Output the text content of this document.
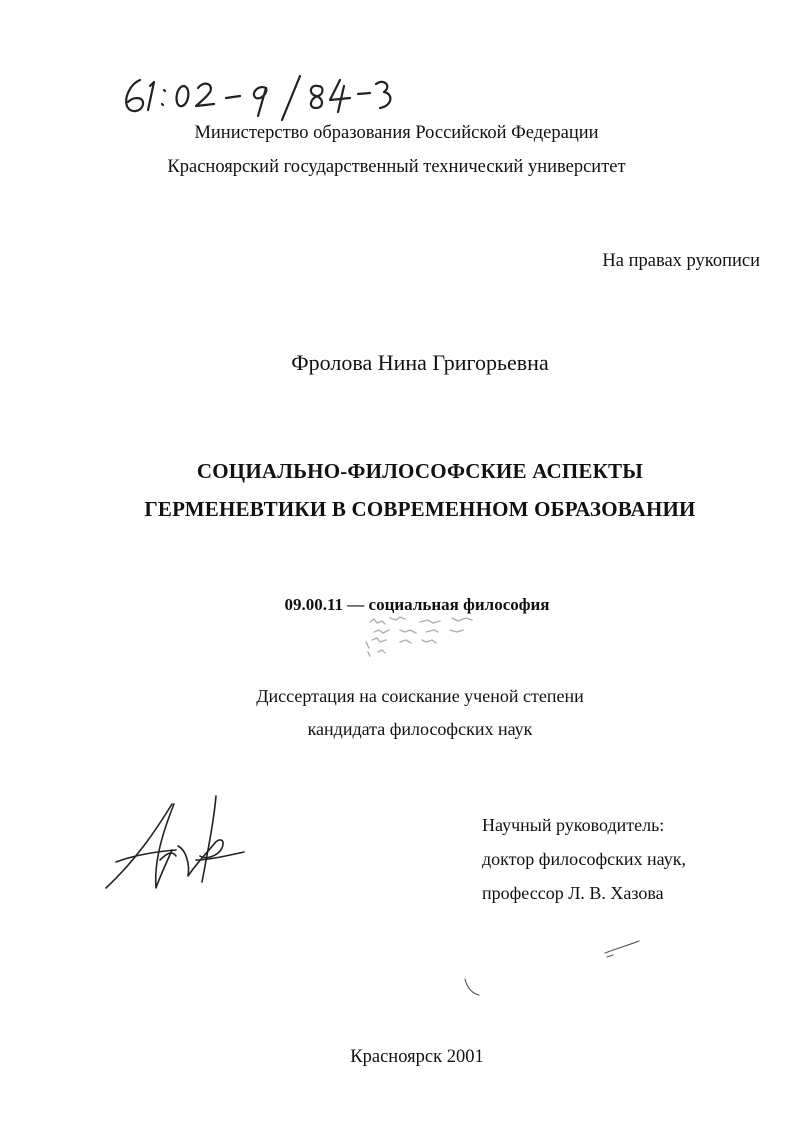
Министерство образования Российской Федерации

Красноярский государственный технический университет

На правах рукописи

Фролова Нина Григорьевна

СОЦИАЛЬНО-ФИЛОСОФСКИЕ АСПЕКТЫ
ГЕРМЕНЕВТИКИ В СОВРЕМЕННОМ ОБРАЗОВАНИИ

09.00.11 — социальная философия

Диссертация на соискание ученой степени
кандидата философских наук

Научный руководитель:
доктор философских наук,
профессор Л. В. Хазова

Красноярск 2001
